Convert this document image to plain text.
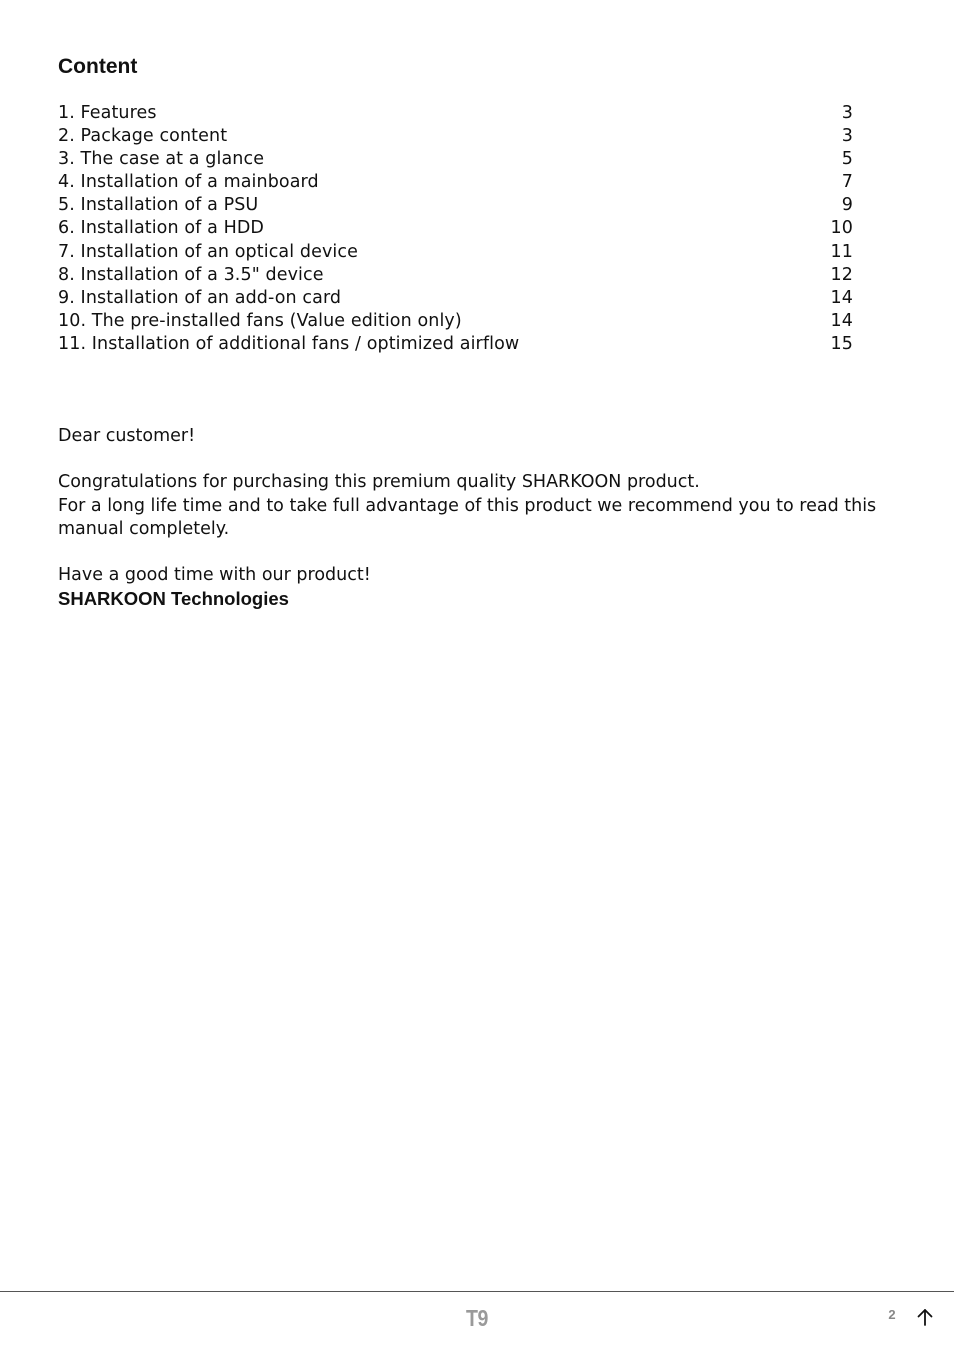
Content
1. Features	3
2. Package content	3
3. The case at a glance	5
4. Installation of a mainboard	7
5. Installation of a PSU	9
6. Installation of a HDD	10
7. Installation of an optical device	11
8. Installation of a 3.5" device	12
9. Installation of an add-on card	14
10. The pre-installed fans (Value edition only)	14
11. Installation of additional fans / optimized airflow	15

Dear customer!

Congratulations for purchasing this premium quality SHARKOON product.

For a long life time and to take full advantage of this product we recommend you to read this manual completely.

Have a good time with our product!

SHARKOON Technologies

T9	2
